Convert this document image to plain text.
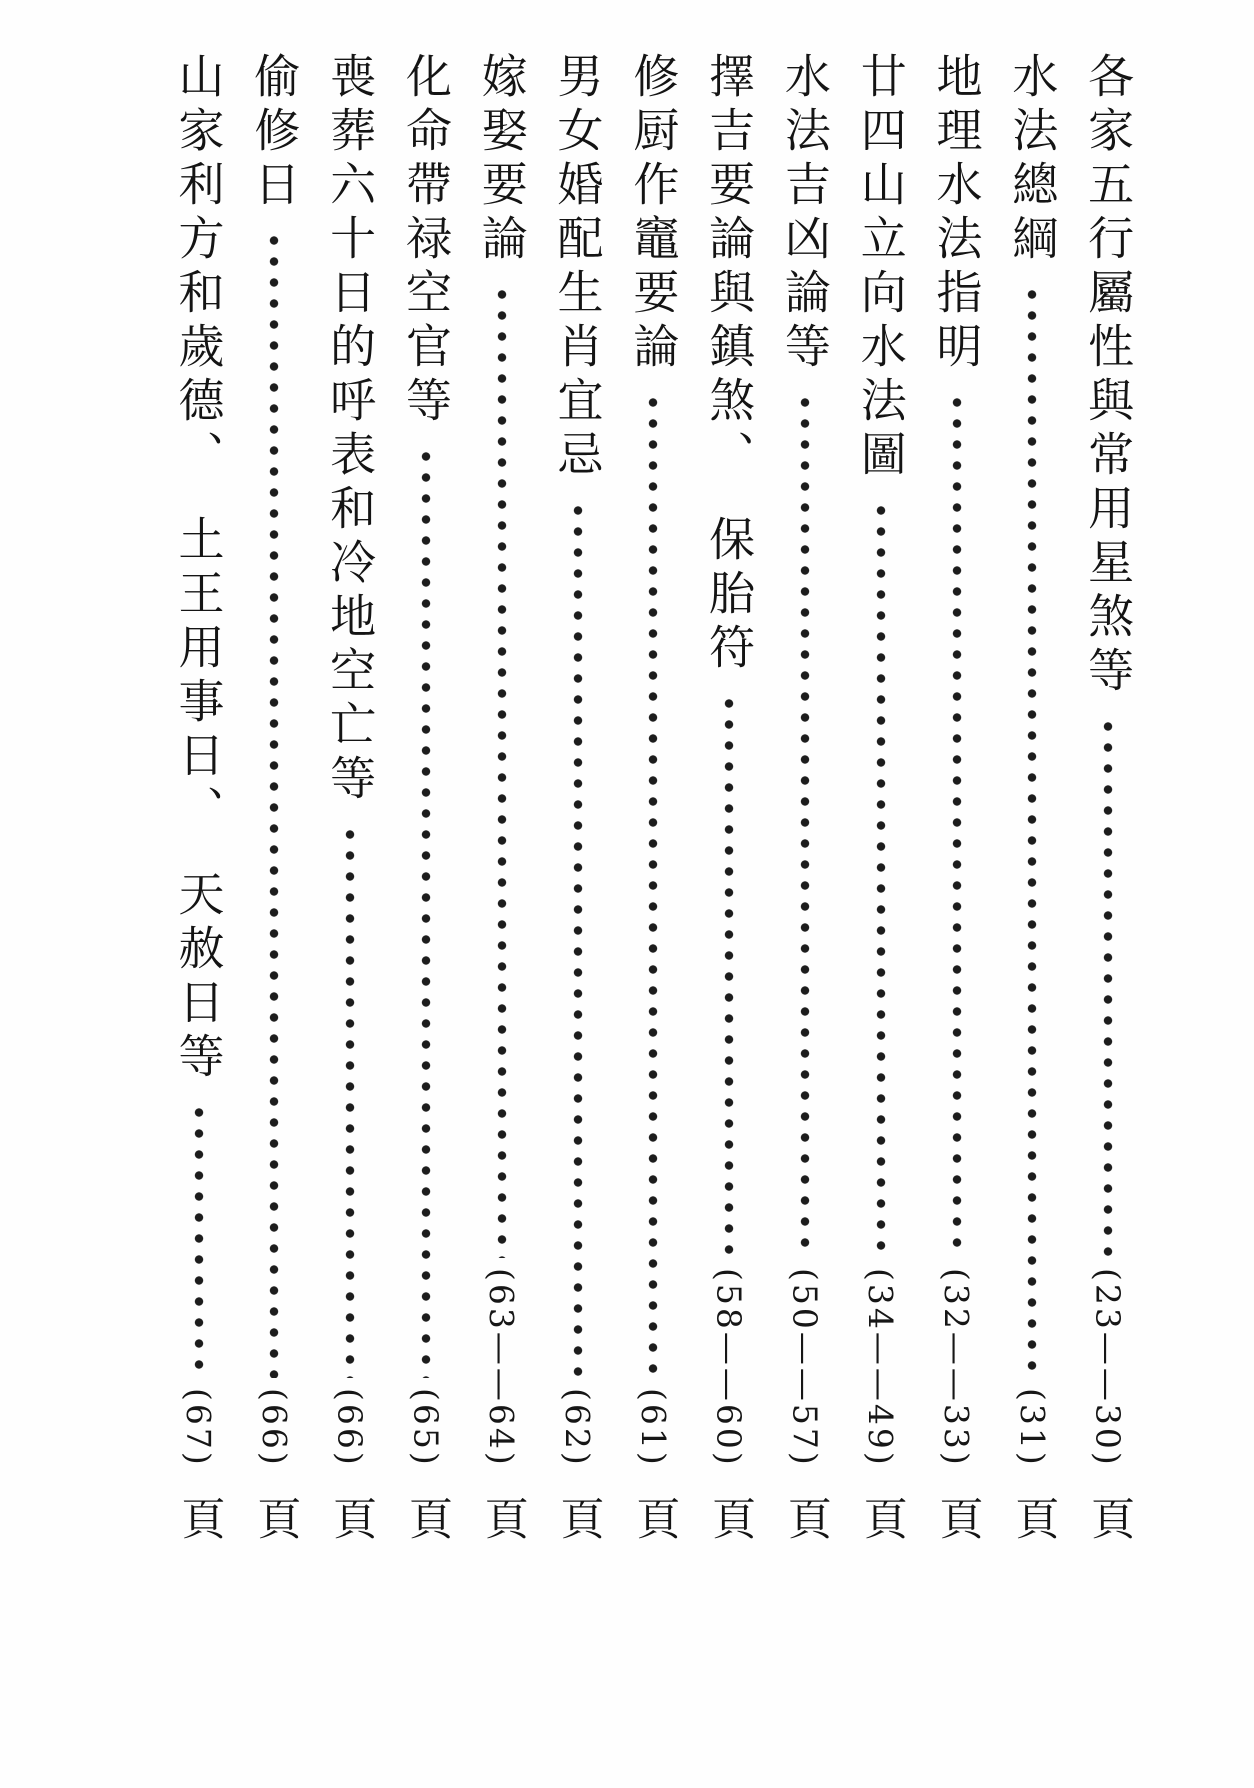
各家五行屬性與常用星煞等
(23——30)
頁
水法總綱
(31)
頁
地理水法指明
(32——33)
頁
廿四山立向水法圖
(34——49)
頁
水法吉凶論等
(50——57)
頁
擇吉要論與鎮煞、　保胎符
(58——60)
頁
修厨作竈要論
(61)
頁
男女婚配生肖宜忌
(62)
頁
嫁娶要論
(63——64)
頁
化命帶禄空官等
(65)
頁
喪葬六十日的呼表和冷地空亡等
(66)
頁
偷修日
(66)
頁
山家利方和歲德、　土王用事日、　天赦日等
(67)
頁
